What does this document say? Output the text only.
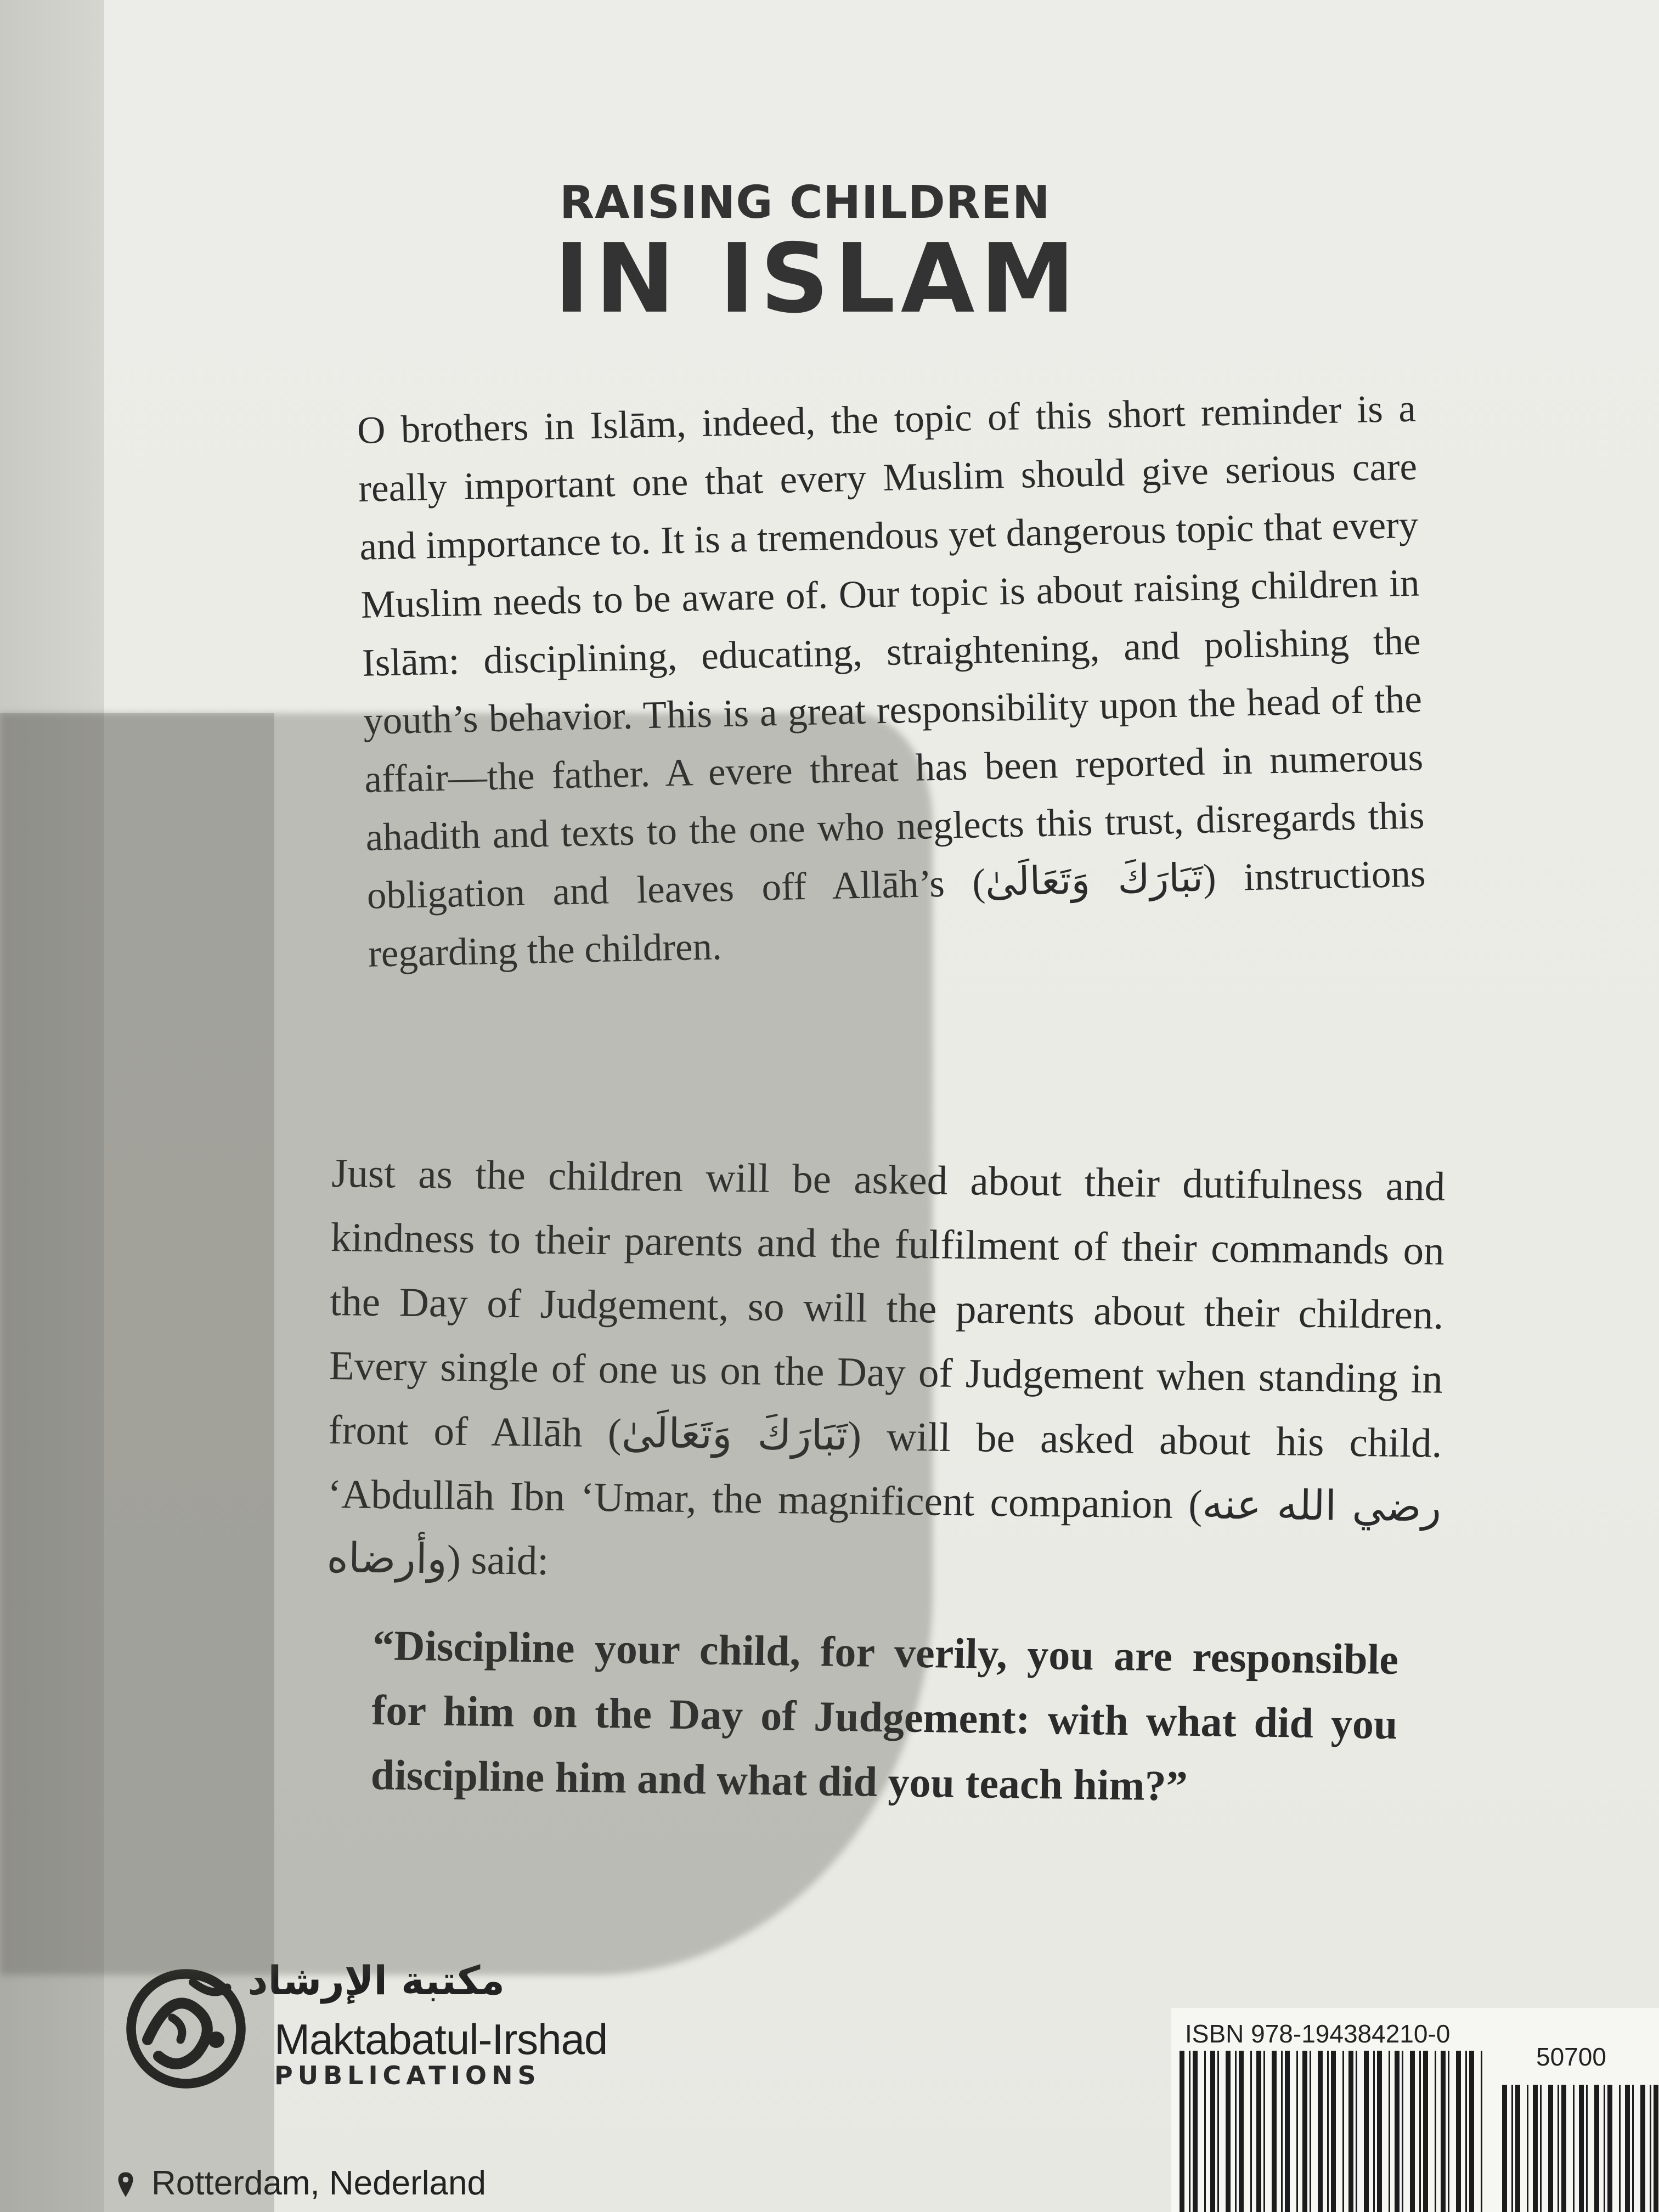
RAISING CHILDREN
IN ISLAM

O brothers in Islām, indeed, the topic of this short reminder is a really important one that every Muslim should give serious care and importance to. It is a tremendous yet dangerous topic that every Muslim needs to be aware of. Our topic is about raising children in Islām: disciplining, educating, straightening, and polishing the youth’s behavior. This is a great responsibility upon the head of the affair—the father. A evere threat has been reported in numerous ahadith and texts to the one who neglects this trust, disregards this obligation and leaves off Allāh’s (تَبَارَكَ وَتَعَالَىٰ) instructions regarding the children.

Just as the children will be asked about their dutifulness and kindness to their parents and the fulfilment of their commands on the Day of Judgement, so will the parents about their children. Every single of one us on the Day of Judgement when standing in front of Allāh (تَبَارَكَ وَتَعَالَىٰ) will be asked about his child. ‘Abdullāh Ibn ‘Umar, the magnificent companion (رضي الله عنه وأرضاه) said:

“Discipline your child, for verily, you are responsible for him on the Day of Judgement: with what did you discipline him and what did you teach him?”

مكتبة الإرشاد
Maktabatul-Irshad
PUBLICATIONS
Rotterdam, Nederland
ISBN 978-194384210-0
50700
